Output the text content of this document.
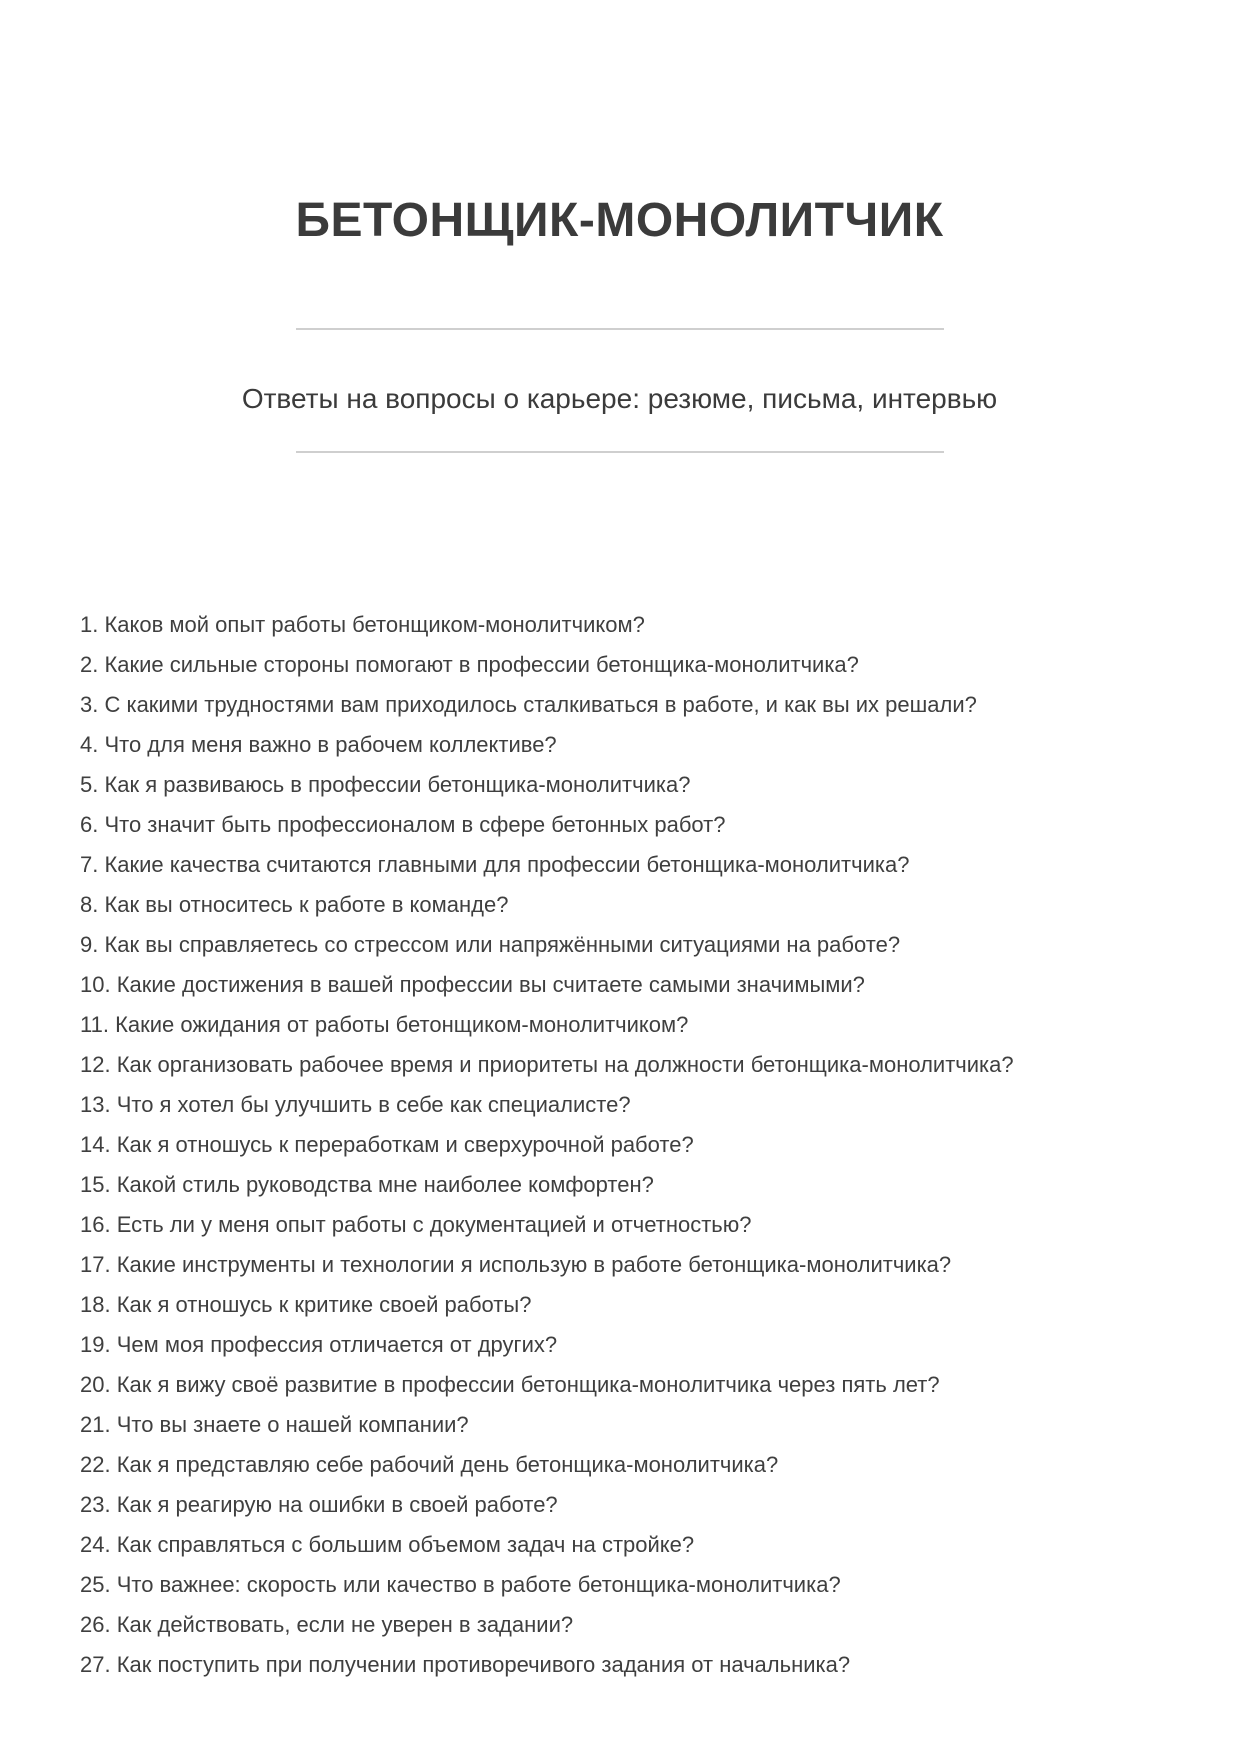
БЕТОНЩИК-МОНОЛИТЧИК
Ответы на вопросы о карьере: резюме, письма, интервью
1. Каков мой опыт работы бетонщиком-монолитчиком?
2. Какие сильные стороны помогают в профессии бетонщика-монолитчика?
3. С какими трудностями вам приходилось сталкиваться в работе, и как вы их решали?
4. Что для меня важно в рабочем коллективе?
5. Как я развиваюсь в профессии бетонщика-монолитчика?
6. Что значит быть профессионалом в сфере бетонных работ?
7. Какие качества считаются главными для профессии бетонщика-монолитчика?
8. Как вы относитесь к работе в команде?
9. Как вы справляетесь со стрессом или напряжёнными ситуациями на работе?
10. Какие достижения в вашей профессии вы считаете самыми значимыми?
11. Какие ожидания от работы бетонщиком-монолитчиком?
12. Как организовать рабочее время и приоритеты на должности бетонщика-монолитчика?
13. Что я хотел бы улучшить в себе как специалисте?
14. Как я отношусь к переработкам и сверхурочной работе?
15. Какой стиль руководства мне наиболее комфортен?
16. Есть ли у меня опыт работы с документацией и отчетностью?
17. Какие инструменты и технологии я использую в работе бетонщика-монолитчика?
18. Как я отношусь к критике своей работы?
19. Чем моя профессия отличается от других?
20. Как я вижу своё развитие в профессии бетонщика-монолитчика через пять лет?
21. Что вы знаете о нашей компании?
22. Как я представляю себе рабочий день бетонщика-монолитчика?
23. Как я реагирую на ошибки в своей работе?
24. Как справляться с большим объемом задач на стройке?
25. Что важнее: скорость или качество в работе бетонщика-монолитчика?
26. Как действовать, если не уверен в задании?
27. Как поступить при получении противоречивого задания от начальника?
